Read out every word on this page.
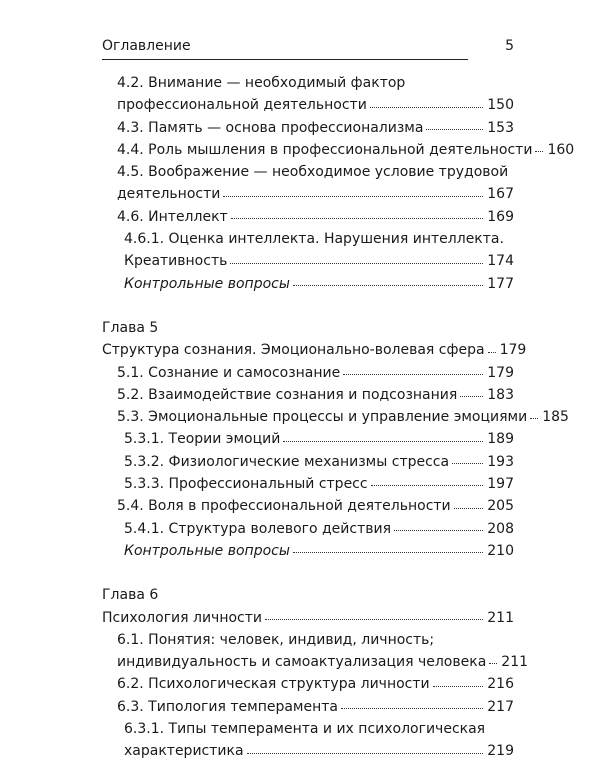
Оглавление	5
4.2. Внимание — необходимый фактор
профессиональной деятельности	150
4.3. Память — основа профессионализма	153
4.4. Роль мышления в профессиональной деятельности 160
4.5. Воображение — необходимое условие трудовой
деятельности	167
4.6. Интеллект	169
4.6.1. Оценка интеллекта. Нарушения интеллекта.
Креативность	174
Контрольные вопросы	177
Глава 5
Структура сознания. Эмоционально-волевая сфера 179
5.1. Сознание и самосознание	179
5.2. Взаимодействие сознания и подсознания 183
5.3. Эмоциональные процессы и управление эмоциями 185
5.3.1. Теории эмоций	189
5.3.2. Физиологические механизмы стресса	193
5.3.3. Профессиональный стресс	197
5.4. Воля в профессиональной деятельности	205
5.4.1. Структура волевого действия	208
Контрольные вопросы	210
Глава 6
Психология личности	211
6.1. Понятия: человек, индивид, личность;
индивидуальность и самоактуализация человека 211
6.2. Психологическая структура личности	216
6.3. Типология темперамента	217
6.3.1. Типы темперамента и их психологическая
характеристика	219
